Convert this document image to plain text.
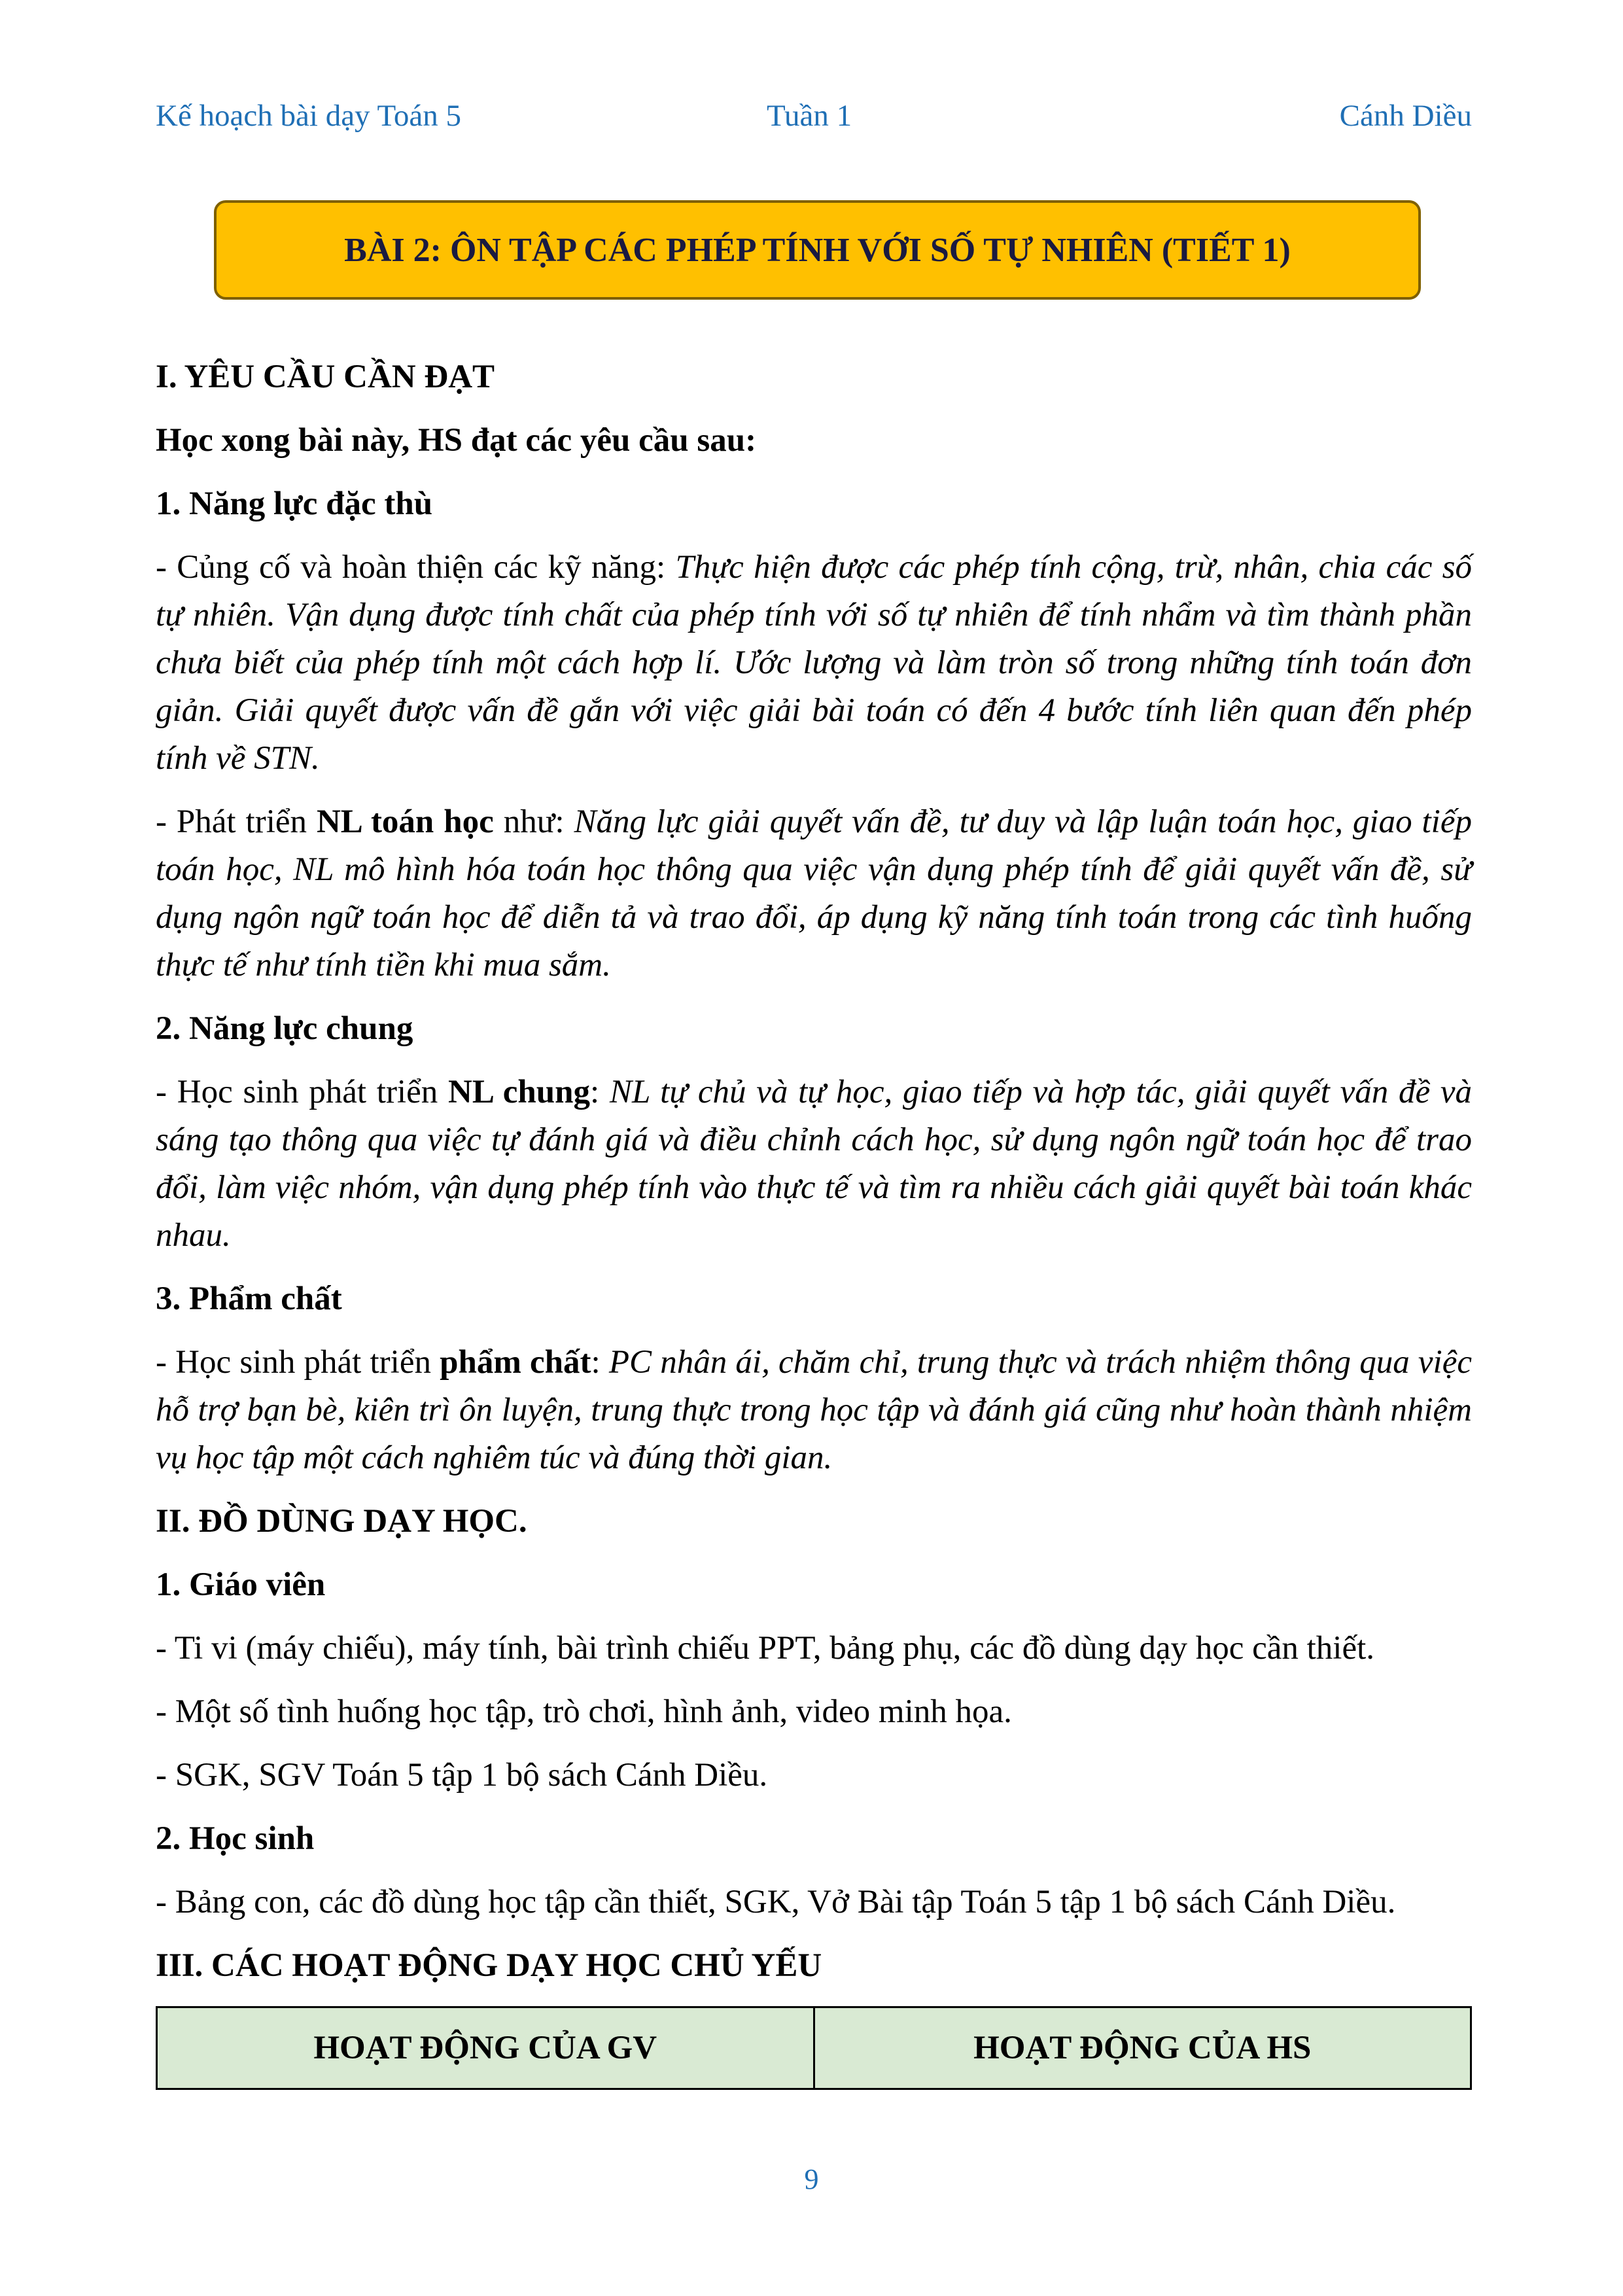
Kế hoạch bài dạy Toán 5	Tuần 1	Cánh Diều
BÀI 2: ÔN TẬP CÁC PHÉP TÍNH VỚI SỐ TỰ NHIÊN (TIẾT 1)

I. YÊU CẦU CẦN ĐẠT

Học xong bài này, HS đạt các yêu cầu sau:

1. Năng lực đặc thù

- Củng cố và hoàn thiện các kỹ năng: Thực hiện được các phép tính cộng, trừ, nhân, chia các số tự nhiên. Vận dụng được tính chất của phép tính với số tự nhiên để tính nhẩm và tìm thành phần chưa biết của phép tính một cách hợp lí. Ước lượng và làm tròn số trong những tính toán đơn giản. Giải quyết được vấn đề gắn với việc giải bài toán có đến 4 bước tính liên quan đến phép tính về STN.

- Phát triển NL toán học như: Năng lực giải quyết vấn đề, tư duy và lập luận toán học, giao tiếp toán học, NL mô hình hóa toán học thông qua việc vận dụng phép tính để giải quyết vấn đề, sử dụng ngôn ngữ toán học để diễn tả và trao đổi, áp dụng kỹ năng tính toán trong các tình huống thực tế như tính tiền khi mua sắm.

2. Năng lực chung

- Học sinh phát triển NL chung: NL tự chủ và tự học, giao tiếp và hợp tác, giải quyết vấn đề và sáng tạo thông qua việc tự đánh giá và điều chỉnh cách học, sử dụng ngôn ngữ toán học để trao đổi, làm việc nhóm, vận dụng phép tính vào thực tế và tìm ra nhiều cách giải quyết bài toán khác nhau.

3. Phẩm chất

- Học sinh phát triển phẩm chất: PC nhân ái, chăm chỉ, trung thực và trách nhiệm thông qua việc hỗ trợ bạn bè, kiên trì ôn luyện, trung thực trong học tập và đánh giá cũng như hoàn thành nhiệm vụ học tập một cách nghiêm túc và đúng thời gian.

II. ĐỒ DÙNG DẠY HỌC.

1. Giáo viên

- Ti vi (máy chiếu), máy tính, bài trình chiếu PPT, bảng phụ, các đồ dùng dạy học cần thiết.

- Một số tình huống học tập, trò chơi, hình ảnh, video minh họa.

- SGK, SGV Toán 5 tập 1 bộ sách Cánh Diều.

2. Học sinh

- Bảng con, các đồ dùng học tập cần thiết, SGK, Vở Bài tập Toán 5 tập 1 bộ sách Cánh Diều.

III. CÁC HOẠT ĐỘNG DẠY HỌC CHỦ YẾU

HOẠT ĐỘNG CỦA GV	HOẠT ĐỘNG CỦA HS
9
